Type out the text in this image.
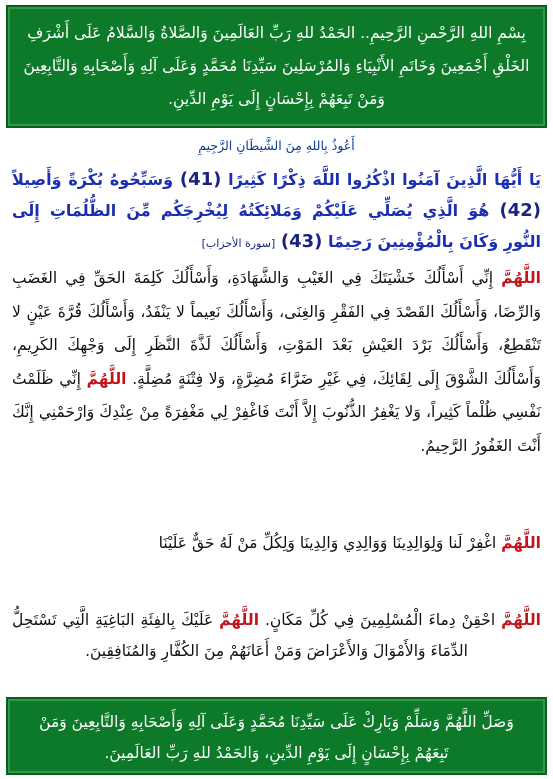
بِسْمِ اللهِ الرَّحْمنِ الرَّحِيمِ.. الحَمْدُ للهِ رَبِّ العَالَمِينَ وَالصَّلاةُ وَالسَّلامُ عَلَى أَشْرَفِ الخَلْقِ أَجْمَعِينَ وَخَاتَمِ الأَنْبِيَاءِ وَالمُرْسَلِينَ سَيِّدِنَا مُحَمَّدٍ وَعَلَى آلِهِ وَأَصْحَابِهِ وَالتَّابِعِينَ وَمَنْ تَبِعَهُمْ بِإِحْسَانٍ إِلَى يَوْمِ الدِّينِ.
أَعُوذُ بِاللهِ مِنَ الشَّيطَانِ الرَّجِيمِ
يَا أَيُّهَا الَّذِينَ آمَنُوا اذْكُرُوا اللَّهَ ذِكْرًا كَثِيرًا (41) وَسَبِّحُوهُ بُكْرَةً وَأَصِيلاً (42) هُوَ الَّذِي يُصَلِّي عَلَيْكُمْ وَمَلائِكَتُهُ لِيُخْرِجَكُم مِّنَ الظُّلُمَاتِ إِلَى النُّورِ وَكَانَ بِالْمُؤْمِنِينَ رَحِيمًا (43) [سورة الأحزاب]
اللَّهُمَّ إِنِّي أَسْأَلُكَ خَشْيَتَكَ فِي الغَيْبِ وَالشَّهَادَةِ، وَأَسْأَلُكَ كَلِمَةَ الحَقِّ فِي الغَضَبِ وَالرِّضَا، وَأَسْأَلُكَ القَصْدَ فِي الفَقْرِ وَالغِنَى، وَأَسْأَلُكَ نَعِيماً لا يَنْفَدُ، وَأَسْأَلُكَ قُرَّةَ عَيْنٍ لا تَنْقَطِعُ، وَأَسْأَلُكَ بَرْدَ العَيْشِ بَعْدَ المَوْتِ، وَأَسْأَلُكَ لَذَّةَ النَّظَرِ إِلَى وَجْهِكَ الكَرِيمِ، وَأَسْأَلُكَ الشَّوْقَ إِلَى لِقَائِكَ، فِي غَيْرِ ضَرَّاءَ مُضِرَّةٍ، وَلا فِتْنَةٍ مُضِلَّةٍ. اللَّهُمَّ إِنِّي ظَلَمْتُ نَفْسِي ظُلْماً كَثِيراً، وَلا يَغْفِرُ الذُّنُوبَ إِلاَّ أَنْتَ فَاغْفِرْ لِي مَغْفِرَةً مِنْ عِنْدِكَ وَارْحَمْنِي إِنَّكَ أَنْتَ الغَفُورُ الرَّحِيمُ.
اللَّهُمَّ اغْفِرْ لَنا وَلِوَالِدِينَا وَوَالِدِي وَالِدِينَا وَلِكُلِّ مَنْ لَهُ حَقٌّ عَلَيْنَا
اللَّهُمَّ احْقِنْ دِماءَ الْمُسْلِمِينَ فِي كُلِّ مَكَانٍ. اللَّهُمَّ عَلَيْكَ بِالفِئَةِ البَاغِيَةِ الَّتِي تَسْتَحِلُّ الدِّمَاءَ وَالأَمْوَالَ وَالأَعْرَاضَ وَمَنْ أَعَانَهُمْ مِنَ الكُفَّارِ وَالمُنَافِقِينَ.
وَصَلِّ اللَّهُمَّ وَسَلِّمْ وَبَارِكْ عَلَى سَيِّدِنَا مُحَمَّدٍ وَعَلَى آلِهِ وَأَصْحَابِهِ وَالتَّابِعِينَ وَمَنْ تَبِعَهُمْ بِإِحْسَانٍ إِلَى يَوْمِ الدِّينِ، وَالحَمْدُ للهِ رَبِّ العَالَمِينَ.
